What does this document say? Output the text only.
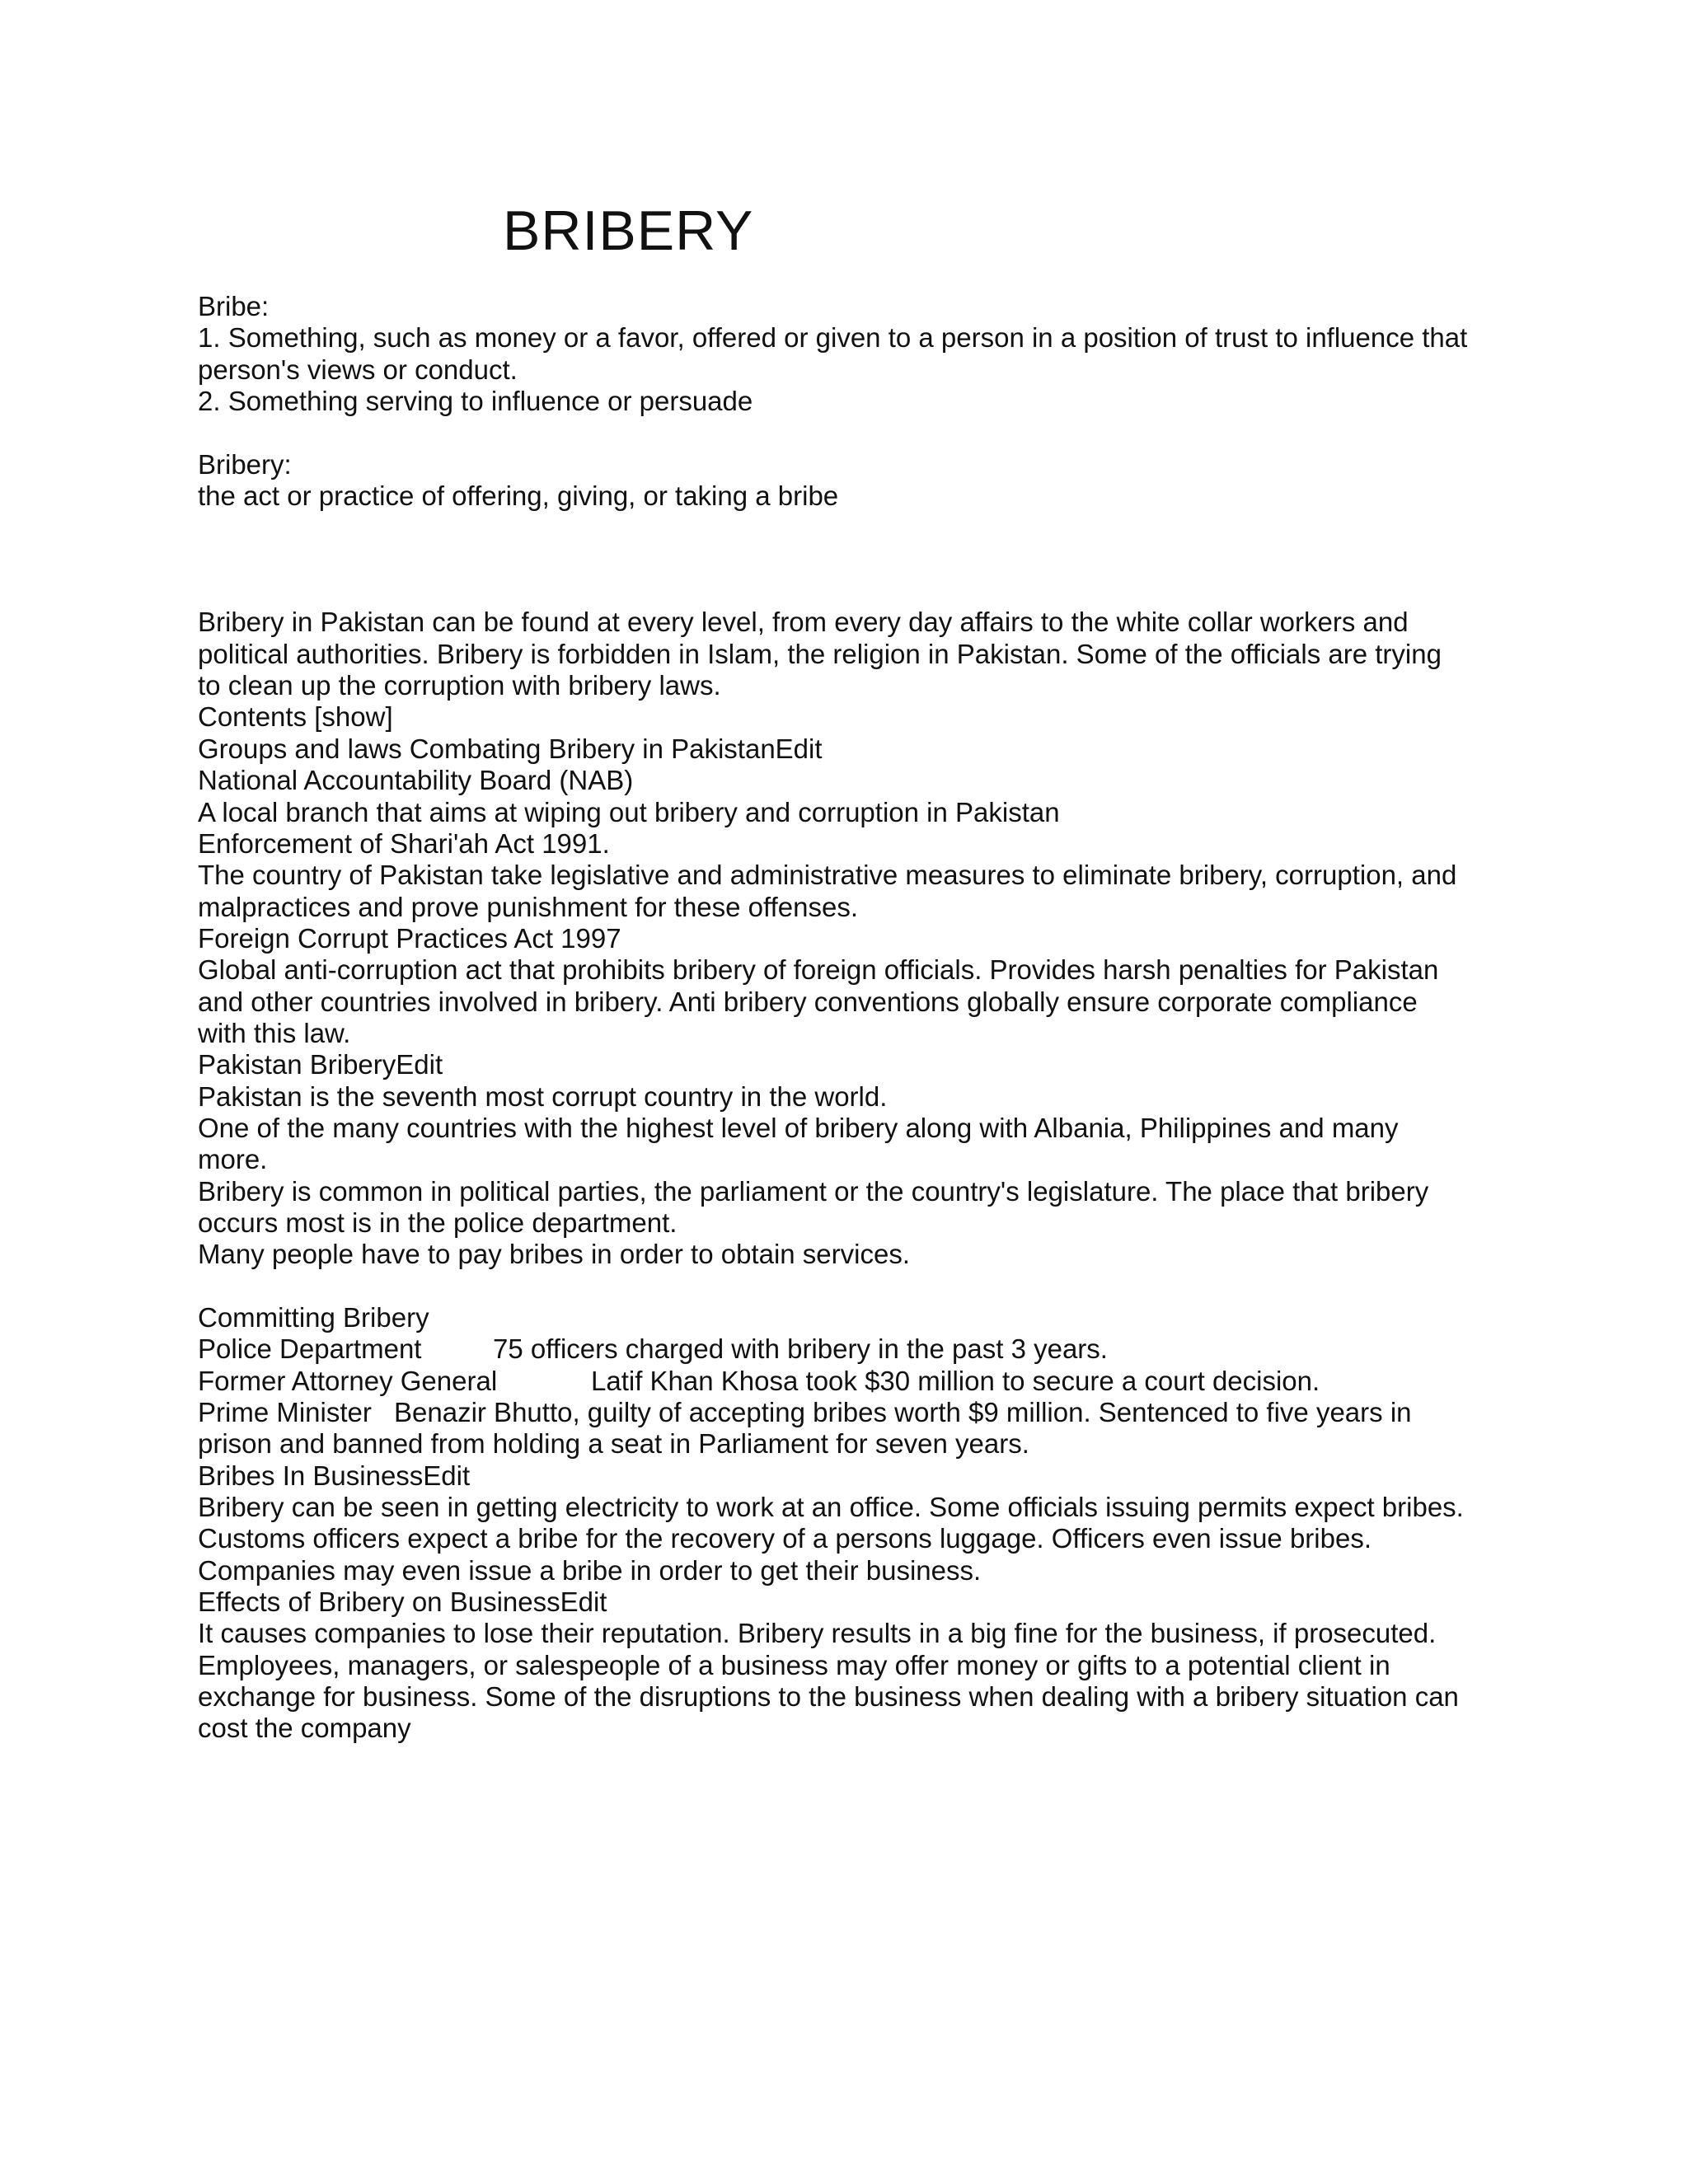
BRIBERY
Bribe:
1. Something, such as money or a favor, offered or given to a person in a position of trust to influence that
person's views or conduct.
2. Something serving to influence or persuade
Bribery:
the act or practice of offering, giving, or taking a bribe
Bribery in Pakistan can be found at every level, from every day affairs to the white collar workers and
political authorities. Bribery is forbidden in Islam, the religion in Pakistan. Some of the officials are trying
to clean up the corruption with bribery laws.
Contents [show]
Groups and laws Combating Bribery in PakistanEdit
National Accountability Board (NAB)
A local branch that aims at wiping out bribery and corruption in Pakistan
Enforcement of Shari'ah Act 1991.
The country of Pakistan take legislative and administrative measures to eliminate bribery, corruption, and
malpractices and prove punishment for these offenses.
Foreign Corrupt Practices Act 1997
Global anti-corruption act that prohibits bribery of foreign officials. Provides harsh penalties for Pakistan
and other countries involved in bribery. Anti bribery conventions globally ensure corporate compliance
with this law.
Pakistan BriberyEdit
Pakistan is the seventh most corrupt country in the world.
One of the many countries with the highest level of bribery along with Albania, Philippines and many
more.
Bribery is common in political parties, the parliament or the country's legislature. The place that bribery
occurs most is in the police department.
Many people have to pay bribes in order to obtain services.
Committing Bribery
Police Department	75 officers charged with bribery in the past 3 years.
Former Attorney General	Latif Khan Khosa took $30 million to secure a court decision.
Prime Minister Benazir Bhutto, guilty of accepting bribes worth $9 million. Sentenced to five years in
prison and banned from holding a seat in Parliament for seven years.
Bribes In BusinessEdit
Bribery can be seen in getting electricity to work at an office. Some officials issuing permits expect bribes.
Customs officers expect a bribe for the recovery of a persons luggage. Officers even issue bribes.
Companies may even issue a bribe in order to get their business.
Effects of Bribery on BusinessEdit
It causes companies to lose their reputation. Bribery results in a big fine for the business, if prosecuted.
Employees, managers, or salespeople of a business may offer money or gifts to a potential client in
exchange for business. Some of the disruptions to the business when dealing with a bribery situation can
cost the company
